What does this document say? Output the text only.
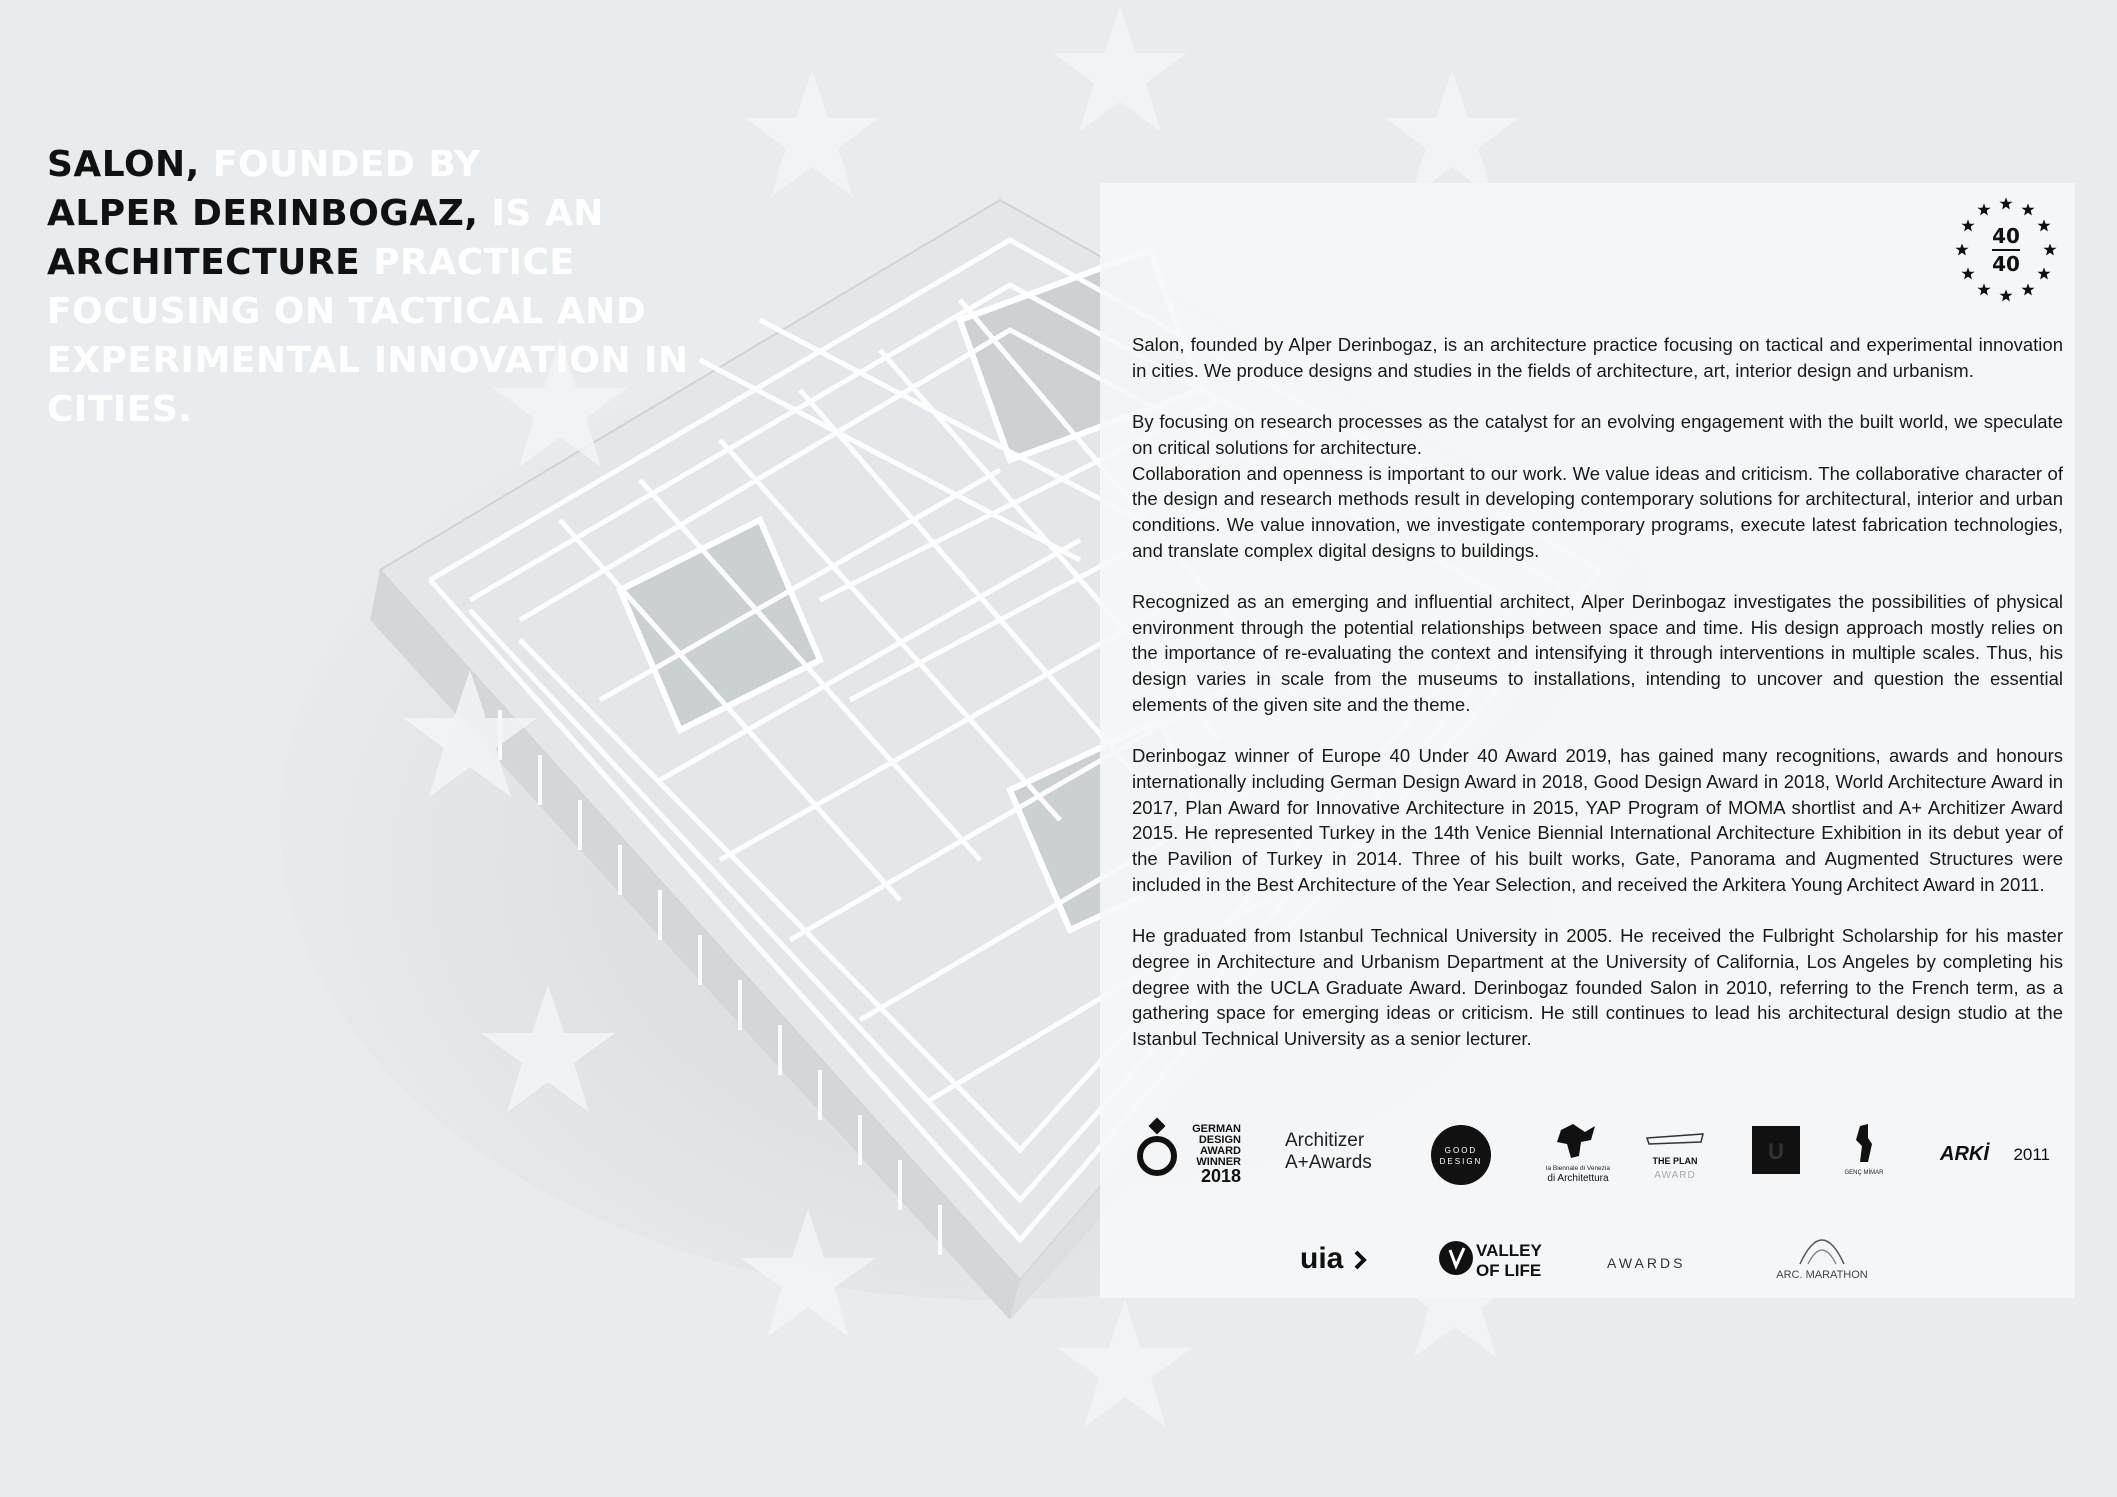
SALON, FOUNDED BY
ALPER DERINBOGAZ, IS AN
ARCHITECTURE PRACTICE FOCUSING ON TACTICAL AND EXPERIMENTAL INNOVATION IN CITIES.
40
40

Salon, founded by Alper Derinbogaz, is an architecture practice focusing on tactical and experimental innovation in cities. We produce designs and studies in the fields of architecture, art, interior design and urbanism.

By focusing on research processes as the catalyst for an evolving engagement with the built world, we speculate on critical solutions for architecture.

Collaboration and openness is important to our work. We value ideas and criticism. The collaborative character of the design and research methods result in developing contemporary solutions for architectural, interior and urban conditions. We value innovation, we investigate contemporary programs, execute latest fabrication technologies, and translate complex digital designs to buildings.

Recognized as an emerging and influential architect, Alper Derinbogaz investigates the possibilities of physical environment through the potential relationships between space and time. His design approach mostly relies on the importance of re-evaluating the context and intensifying it through interventions in multiple scales. Thus, his design varies in scale from the museums to installations, intending to uncover and question the essential elements of the given site and the theme.

Derinbogaz winner of Europe 40 Under 40 Award 2019, has gained many recognitions, awards and honours internationally including German Design Award in 2018, Good Design Award in 2018, World Architecture Award in 2017, Plan Award for Innovative Architecture in 2015, YAP Program of MOMA shortlist and A+ Architizer Award 2015. He represented Turkey in the 14th Venice Biennial International Architecture Exhibition in its debut year of the Pavilion of Turkey in 2014. Three of his built works, Gate, Panorama and Augmented Structures were included in the Best Architecture of the Year Selection, and received the Arkitera Young Architect Award in 2011.

He graduated from Istanbul Technical University in 2005. He received the Fulbright Scholarship for his master degree in Architecture and Urbanism Department at the University of California, Los Angeles by completing his degree with the UCLA Graduate Award. Derinbogaz founded Salon in 2010, referring to the French term, as a gathering space for emerging ideas or criticism. He still continues to lead his architectural design studio at the Istanbul Technical University as a senior lecturer.

GERMAN
DESIGN
AWARD
WINNER
2018
Architizer
A+Awards
GOOD
DESIGN
la Biennale di Venezia
di Architettura
THE PLAN
AWARD
U
GENÇ MİMAR
ARKİ 2011
uia	VALLEY
OF LIFE	AWARDS
ARC. MARATHON
